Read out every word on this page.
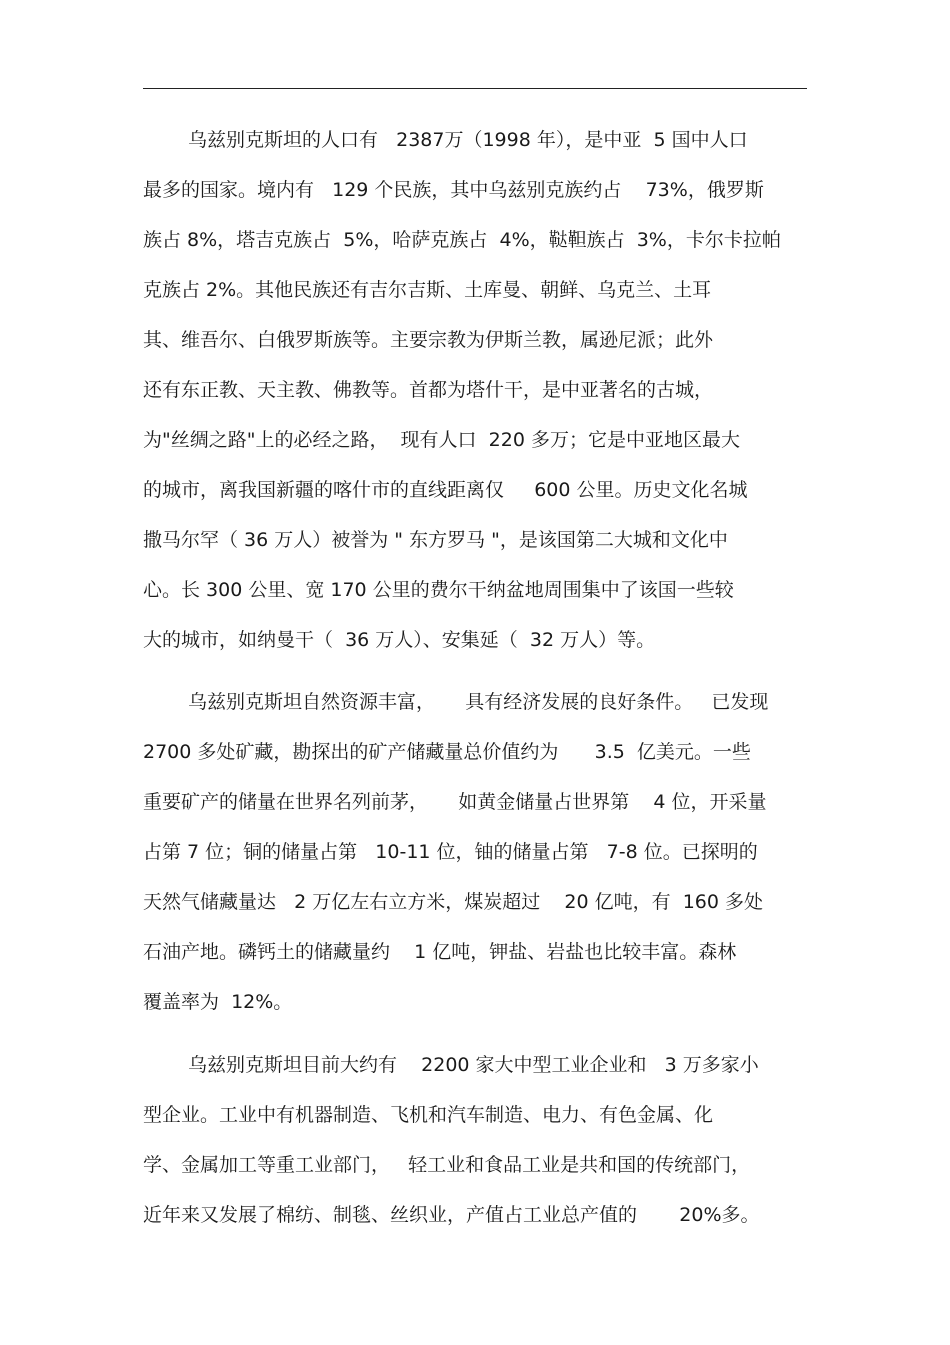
乌兹别克斯坦的人口有   2387万（1998 年），是中亚  5 国中人口
最多的国家。境内有   129 个民族，其中乌兹别克族约占    73%，俄罗斯
族占 8%，塔吉克族占  5%，哈萨克族占  4%，鞑靼族占  3%，卡尔卡拉帕
克族占 2%。其他民族还有吉尔吉斯、土库曼、朝鲜、乌克兰、土耳
其、维吾尔、白俄罗斯族等。主要宗教为伊斯兰教，属逊尼派；此外
还有东正教、天主教、佛教等。首都为塔什干，是中亚著名的古城，
为"丝绸之路"上的必经之路，  现有人口  220 多万；它是中亚地区最大
的城市，离我国新疆的喀什市的直线距离仅     600 公里。历史文化名城
撒马尔罕（ 36 万人）被誉为 " 东方罗马 "，是该国第二大城和文化中
心。长 300 公里、宽 170 公里的费尔干纳盆地周围集中了该国一些较
大的城市，如纳曼干（  36 万人）、安集延（  32 万人）等。
乌兹别克斯坦自然资源丰富，     具有经济发展的良好条件。   已发现
2700 多处矿藏，勘探出的矿产储藏量总价值约为      3.5  亿美元。一些
重要矿产的储量在世界名列前茅，     如黄金储量占世界第    4 位，开采量
占第 7 位；铜的储量占第   10-11 位，铀的储量占第   7-8 位。已探明的
天然气储藏量达   2 万亿左右立方米，煤炭超过    20 亿吨，有  160 多处
石油产地。磷钙土的储藏量约    1 亿吨，钾盐、岩盐也比较丰富。森林
覆盖率为  12%。
乌兹别克斯坦目前大约有    2200 家大中型工业企业和   3 万多家小
型企业。工业中有机器制造、飞机和汽车制造、电力、有色金属、化
学、金属加工等重工业部门，   轻工业和食品工业是共和国的传统部门，
近年来又发展了棉纺、制毯、丝织业，产值占工业总产值的       20%多。
